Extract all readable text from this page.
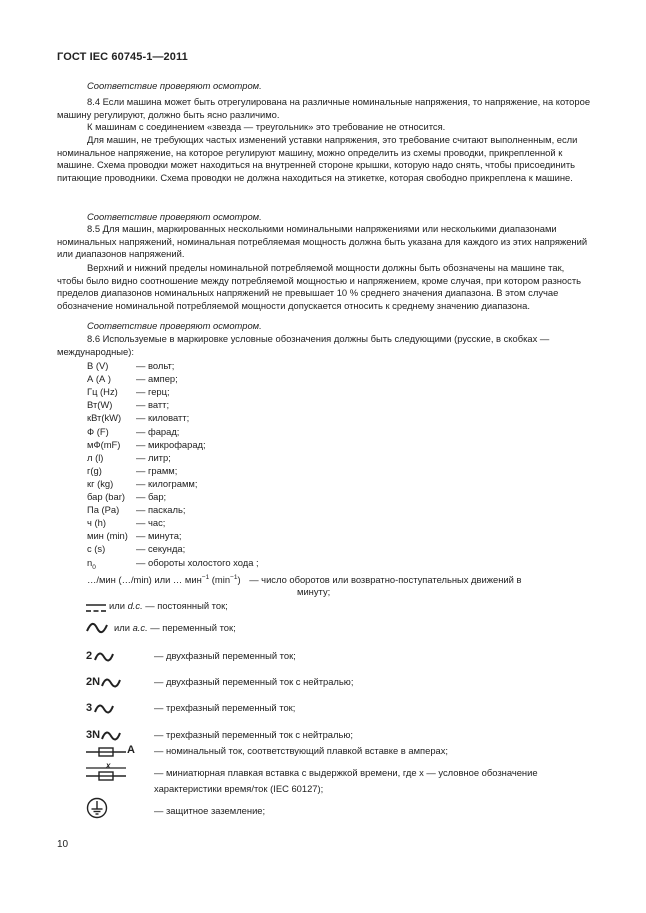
ГОСТ IEC 60745-1—2011

Соответствие проверяют осмотром.

8.4 Если машина может быть отрегулирована на различные номинальные напряжения, то напряжение, на которое машину регулируют, должно быть ясно различимо.
К машинам с соединением «звезда — треугольник» это требование не относится.
Для машин, не требующих частых изменений уставки напряжения, это требование считают выполненным, если номинальное напряжение, на которое регулируют машину, можно определить из схемы проводки, прикрепленной к машине. Схема проводки может находиться на внутренней стороне крышки, которую надо снять, чтобы присоединить питающие проводники. Схема проводки не должна находиться на этикетке, которая свободно прикреплена к машине.
Соответствие проверяют осмотром.
8.5 Для машин, маркированных несколькими номинальными напряжениями или несколькими диапазонами номинальных напряжений, номинальная потребляемая мощность должна быть указана для каждого из этих напряжений или диапазонов напряжений.
Верхний и нижний пределы номинальной потребляемой мощности должны быть обозначены на машине так, чтобы было видно соотношение между потребляемой мощностью и напряжением, кроме случая, при котором разность пределов диапазонов номинальных напряжений не превышает 10 % среднего значения диапазона. В этом случае обозначение номинальной потребляемой мощности допускается относить к среднему значению диапазона.
Соответствие проверяют осмотром.
8.6 Используемые в маркировке условные обозначения должны быть следующими (русские, в скобках — международные):
В (V)	— вольт;
А (А )	— ампер;
Гц (Hz) — герц;
Вт(W)	— ватт;
кВт(kW) — киловатт;
Ф (F)	— фарад;
мФ(mF) — микрофарад;
л (l)	— литр;
г(g)	— грамм;
кг (kg) — килограмм;
бар (bar) — бар;
Па (Pa) — паскаль;
ч (h)	— час;
мин (min) — минута;
с (s)	— секунда;
$n_0$	— обороты холостого хода ;
…/мин (…/min) или … мин$^{-1}$ $(\min^{-1})$ — число оборотов или возвратно-поступательных движений в
минуту;
или d.c. — постоянный ток;
или a.c. — переменный ток;
2	— двухфазный переменный ток;
2N	— двухфазный переменный ток с нейтралью;
3	— трехфазный переменный ток;
3N	— трехфазный переменный ток с нейтралью;
A — номинальный ток, соответствующий плавкой вставке в амперах;
x
— миниатюрная плавкая вставка с выдержкой времени, где x — условное обозначение
характеристики время/ток (IEC 60127);
— защитное заземление;
10
